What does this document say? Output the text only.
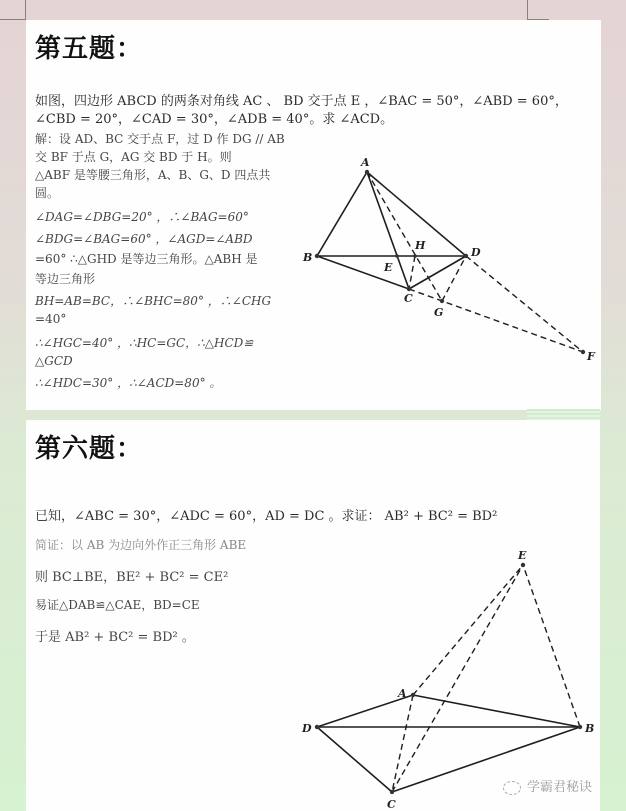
第五题：
如图，四边形 ABCD 的两条对角线 AC 、 BD 交于点 E ，∠BAC = 50°，∠ABD = 60°，
∠CBD = 20°，∠CAD = 30°，∠ADB = 40°。求 ∠ACD。
解：设 AD、BC 交于点 F，过 D 作 DG // AB
交 BF 于点 G，AG 交 BD 于 H。则
△ABF 是等腰三角形，A、B、G、D 四点共
圆。
∠DAG=∠DBG=20° ，∴∠BAG=60°
∠BDG=∠BAG=60° ，∠AGD=∠ABD
=60° ∴△GHD 是等边三角形。△ABH 是
等边三角形
BH=AB=BC，∴∠BHC=80° ，∴∠CHG
=40°
∴∠HGC=40° ，∴HC=GC，∴△HCD≌
△GCD
∴∠HDC=30° ，∴∠ACD=80° 。
第六题：
已知，∠ABC = 30°，∠ADC = 60°，AD = DC 。求证： AB² + BC² = BD²
简证：以 AB 为边向外作正三角形 ABE
则 BC⊥BE，BE² + BC² = CE²
易证△DAB≌△CAE，BD=CE
于是 AB² + BC² = BD² 。
A
B	D
C
E
H
G
F
E
A
D	B
C
学霸君秘诀
